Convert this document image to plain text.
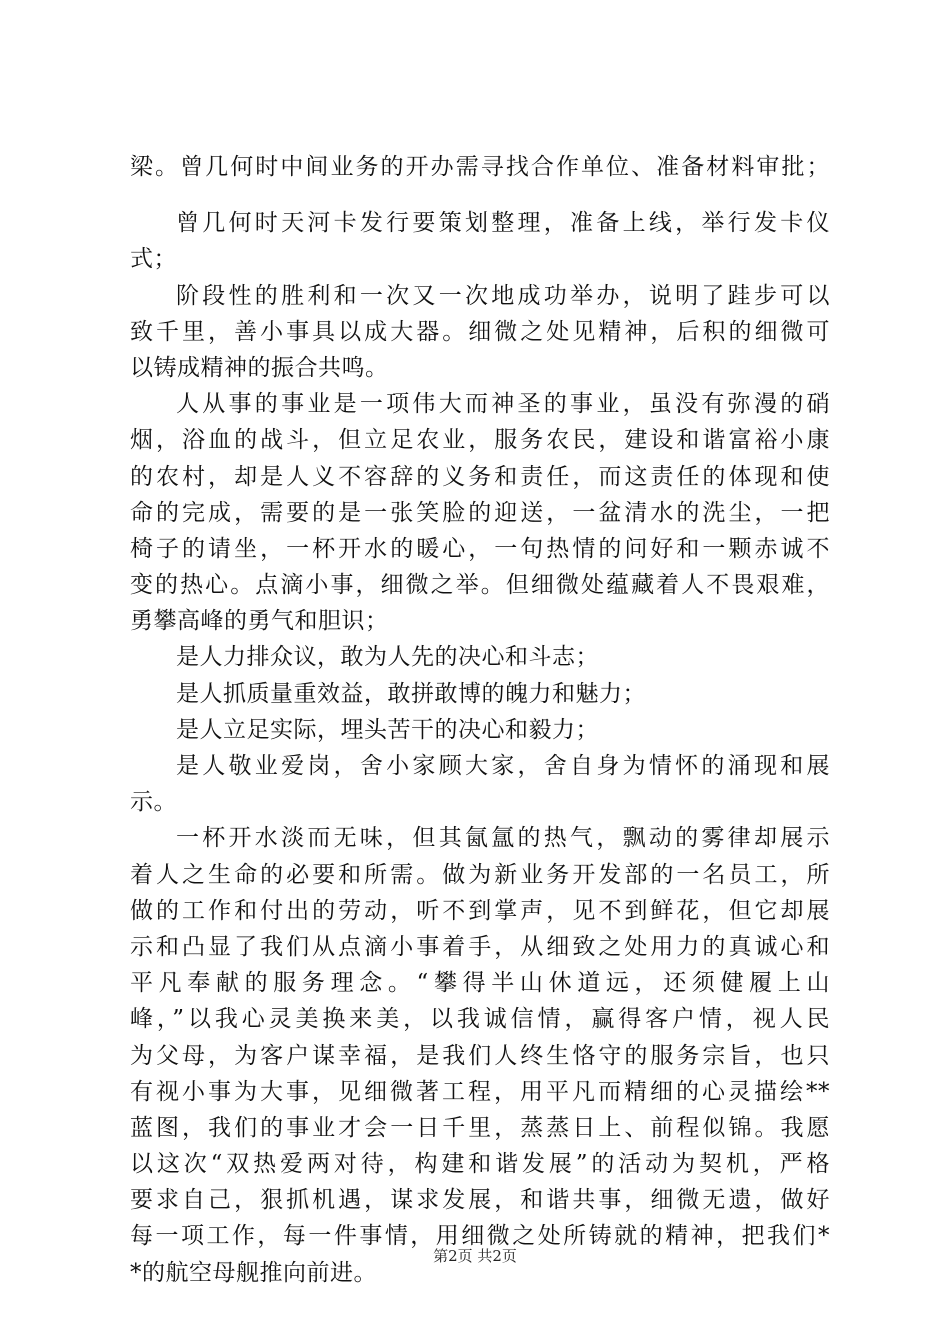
梁。曾几何时中间业务的开办需寻找合作单位、准备材料审批；
曾几何时天河卡发行要策划整理，准备上线，举行发卡仪
式；
阶段性的胜利和一次又一次地成功举办，说明了跬步可以
致千里，善小事具以成大器。细微之处见精神，后积的细微可
以铸成精神的振合共鸣。
人从事的事业是一项伟大而神圣的事业，虽没有弥漫的硝
烟，浴血的战斗，但立足农业，服务农民，建设和谐富裕小康
的农村，却是人义不容辞的义务和责任，而这责任的体现和使
命的完成，需要的是一张笑脸的迎送，一盆清水的洗尘，一把
椅子的请坐，一杯开水的暖心，一句热情的问好和一颗赤诚不
变的热心。点滴小事，细微之举。但细微处蕴藏着人不畏艰难，
勇攀高峰的勇气和胆识；
是人力排众议，敢为人先的决心和斗志；
是人抓质量重效益，敢拼敢博的魄力和魅力；
是人立足实际，埋头苦干的决心和毅力；
是人敬业爱岗，舍小家顾大家，舍自身为情怀的涌现和展
示。
一杯开水淡而无味，但其氤氲的热气，飘动的雾律却展示
着人之生命的必要和所需。做为新业务开发部的一名员工，所
做的工作和付出的劳动，听不到掌声，见不到鲜花，但它却展
示和凸显了我们从点滴小事着手，从细致之处用力的真诚心和
平凡奉献的服务理念。“攀得半山休道远，还须健履上山
峰，”以我心灵美换来美，以我诚信情，赢得客户情，视人民
为父母，为客户谋幸福，是我们人终生恪守的服务宗旨，也只
有视小事为大事，见细微著工程，用平凡而精细的心灵描绘**
蓝图，我们的事业才会一日千里，蒸蒸日上、前程似锦。我愿
以这次“双热爱两对待，构建和谐发展”的活动为契机，严格
要求自己，狠抓机遇，谋求发展，和谐共事，细微无遗，做好
每一项工作，每一件事情，用细微之处所铸就的精神，把我们*
*的航空母舰推向前进。
第2页 共2页
